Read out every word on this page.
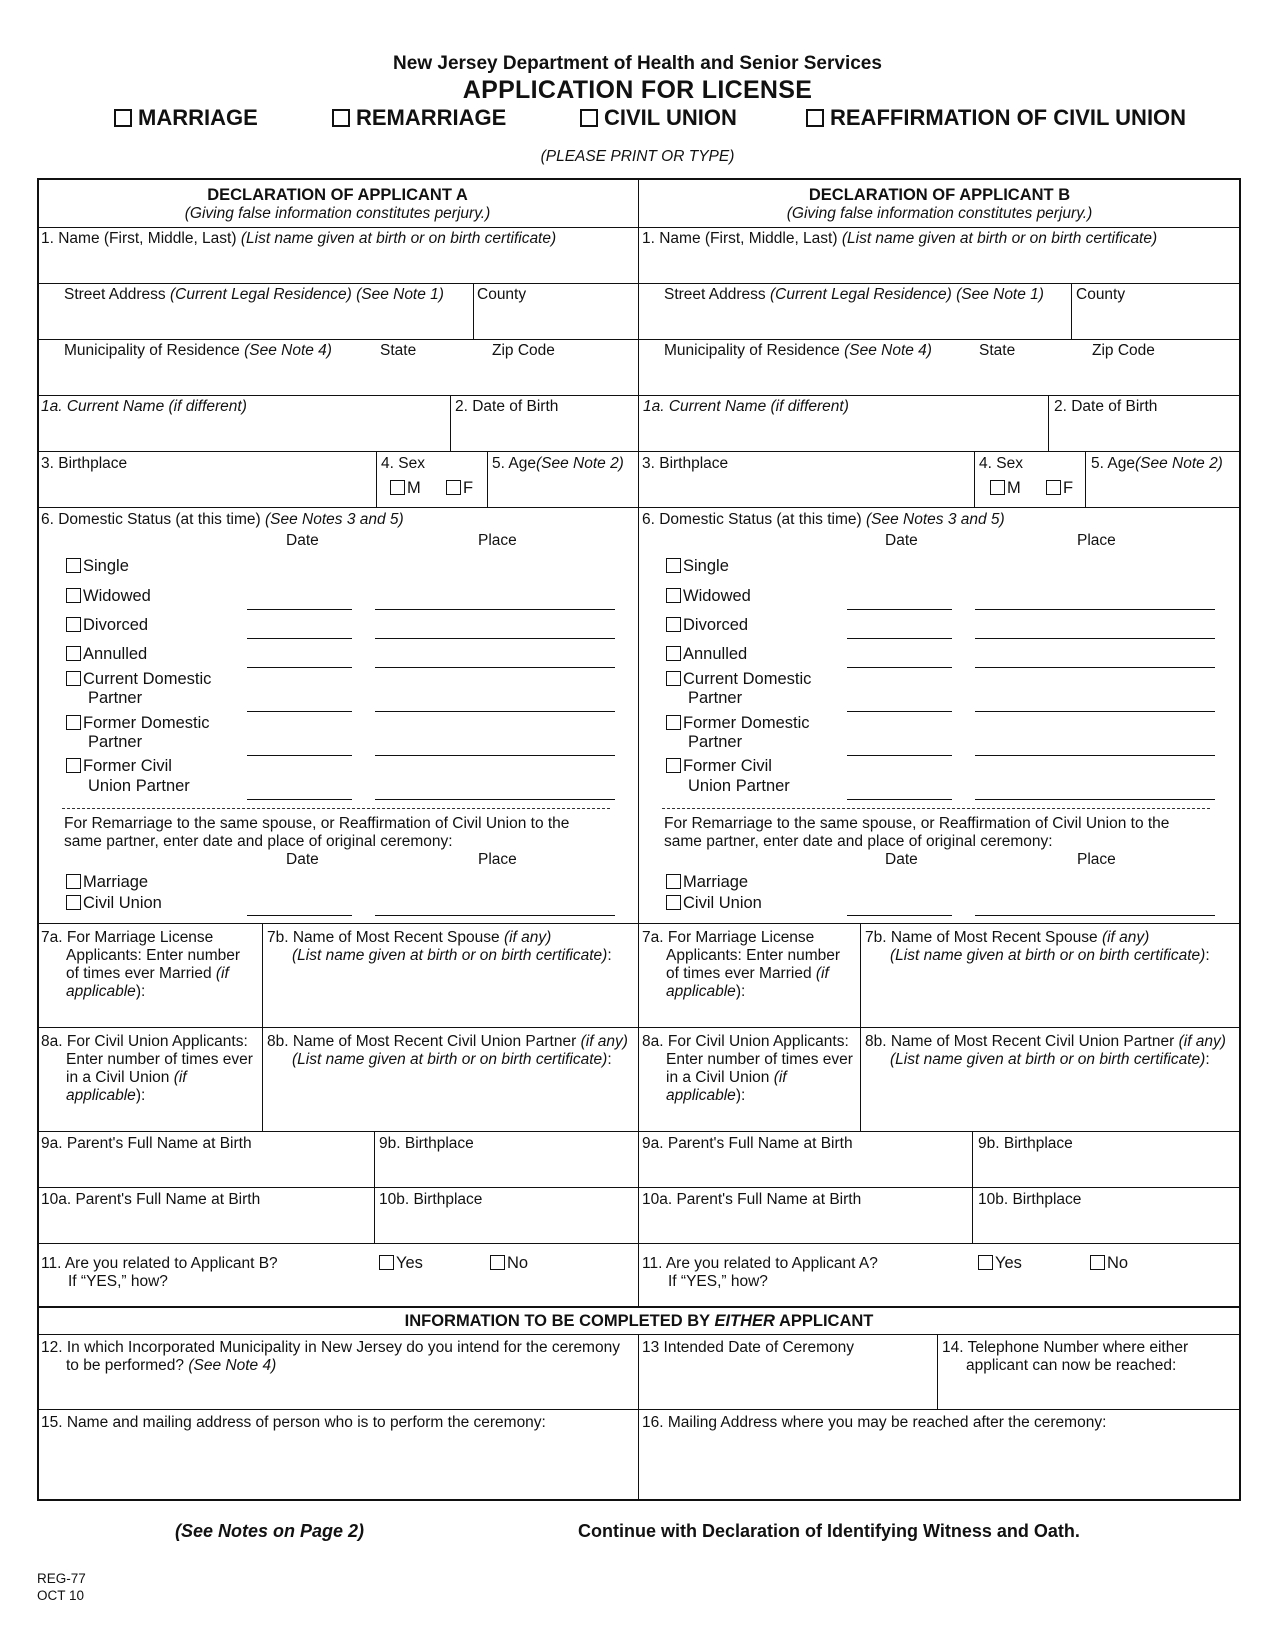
New Jersey Department of Health and Senior Services
APPLICATION FOR LICENSE
MARRIAGE	REMARRIAGE	CIVIL UNION	REAFFIRMATION OF CIVIL UNION
(PLEASE PRINT OR TYPE)
DECLARATION OF APPLICANT A
(Giving false information constitutes perjury.)
1. Name (First, Middle, Last) (List name given at birth or on birth certificate)
Street Address (Current Legal Residence) (See Note 1) County
Municipality of Residence (See Note 4)	State	Zip Code
1a. Current Name (if different)	2. Date of Birth
3. Birthplace	4. Sex
M	F
5. Age(See Note 2)
6. Domestic Status (at this time) (See Notes 3 and 5)
Date	Place
Single
Widowed
Divorced
Annulled
Current Domestic
Partner
Former Domestic
Partner
Former Civil
Union Partner
For Remarriage to the same spouse, or Reaffirmation of Civil Union to the
same partner, enter date and place of original ceremony:
Date	Place
Marriage
Civil Union
7a. For Marriage License
Applicants: Enter number
of times ever Married (if
applicable):
7b. Name of Most Recent Spouse (if any)
(List name given at birth or on birth certificate):
8a. For Civil Union Applicants:
Enter number of times ever
in a Civil Union (if
applicable):
8b. Name of Most Recent Civil Union Partner (if any)
(List name given at birth or on birth certificate):
9a. Parent's Full Name at Birth	9b. Birthplace
10a. Parent's Full Name at Birth	10b. Birthplace
11. Are you related to Applicant B?
If “YES,” how?
Yes	No
DECLARATION OF APPLICANT B
(Giving false information constitutes perjury.)
1. Name (First, Middle, Last) (List name given at birth or on birth certificate)
Street Address (Current Legal Residence) (See Note 1) County
Municipality of Residence (See Note 4)	State	Zip Code
1a. Current Name (if different)	2. Date of Birth
3. Birthplace	4. Sex
M	F
5. Age(See Note 2)
6. Domestic Status (at this time) (See Notes 3 and 5)
Date	Place
Single
Widowed
Divorced
Annulled
Current Domestic
Partner
Former Domestic
Partner
Former Civil
Union Partner
For Remarriage to the same spouse, or Reaffirmation of Civil Union to the
same partner, enter date and place of original ceremony:
Date	Place
Marriage
Civil Union
7a. For Marriage License
Applicants: Enter number
of times ever Married (if
applicable):
7b. Name of Most Recent Spouse (if any)
(List name given at birth or on birth certificate):
8a. For Civil Union Applicants:
Enter number of times ever
in a Civil Union (if
applicable):
8b. Name of Most Recent Civil Union Partner (if any)
(List name given at birth or on birth certificate):
9a. Parent's Full Name at Birth	9b. Birthplace
10a. Parent's Full Name at Birth	10b. Birthplace
11. Are you related to Applicant A?
If “YES,” how?
Yes	No
INFORMATION TO BE COMPLETED BY EITHER APPLICANT
12. In which Incorporated Municipality in New Jersey do you intend for the ceremony
to be performed? (See Note 4)
13 Intended Date of Ceremony	14. Telephone Number where either
applicant can now be reached:
15. Name and mailing address of person who is to perform the ceremony:	16. Mailing Address where you may be reached after the ceremony:
(See Notes on Page 2)	Continue with Declaration of Identifying Witness and Oath.
REG-77
OCT 10
